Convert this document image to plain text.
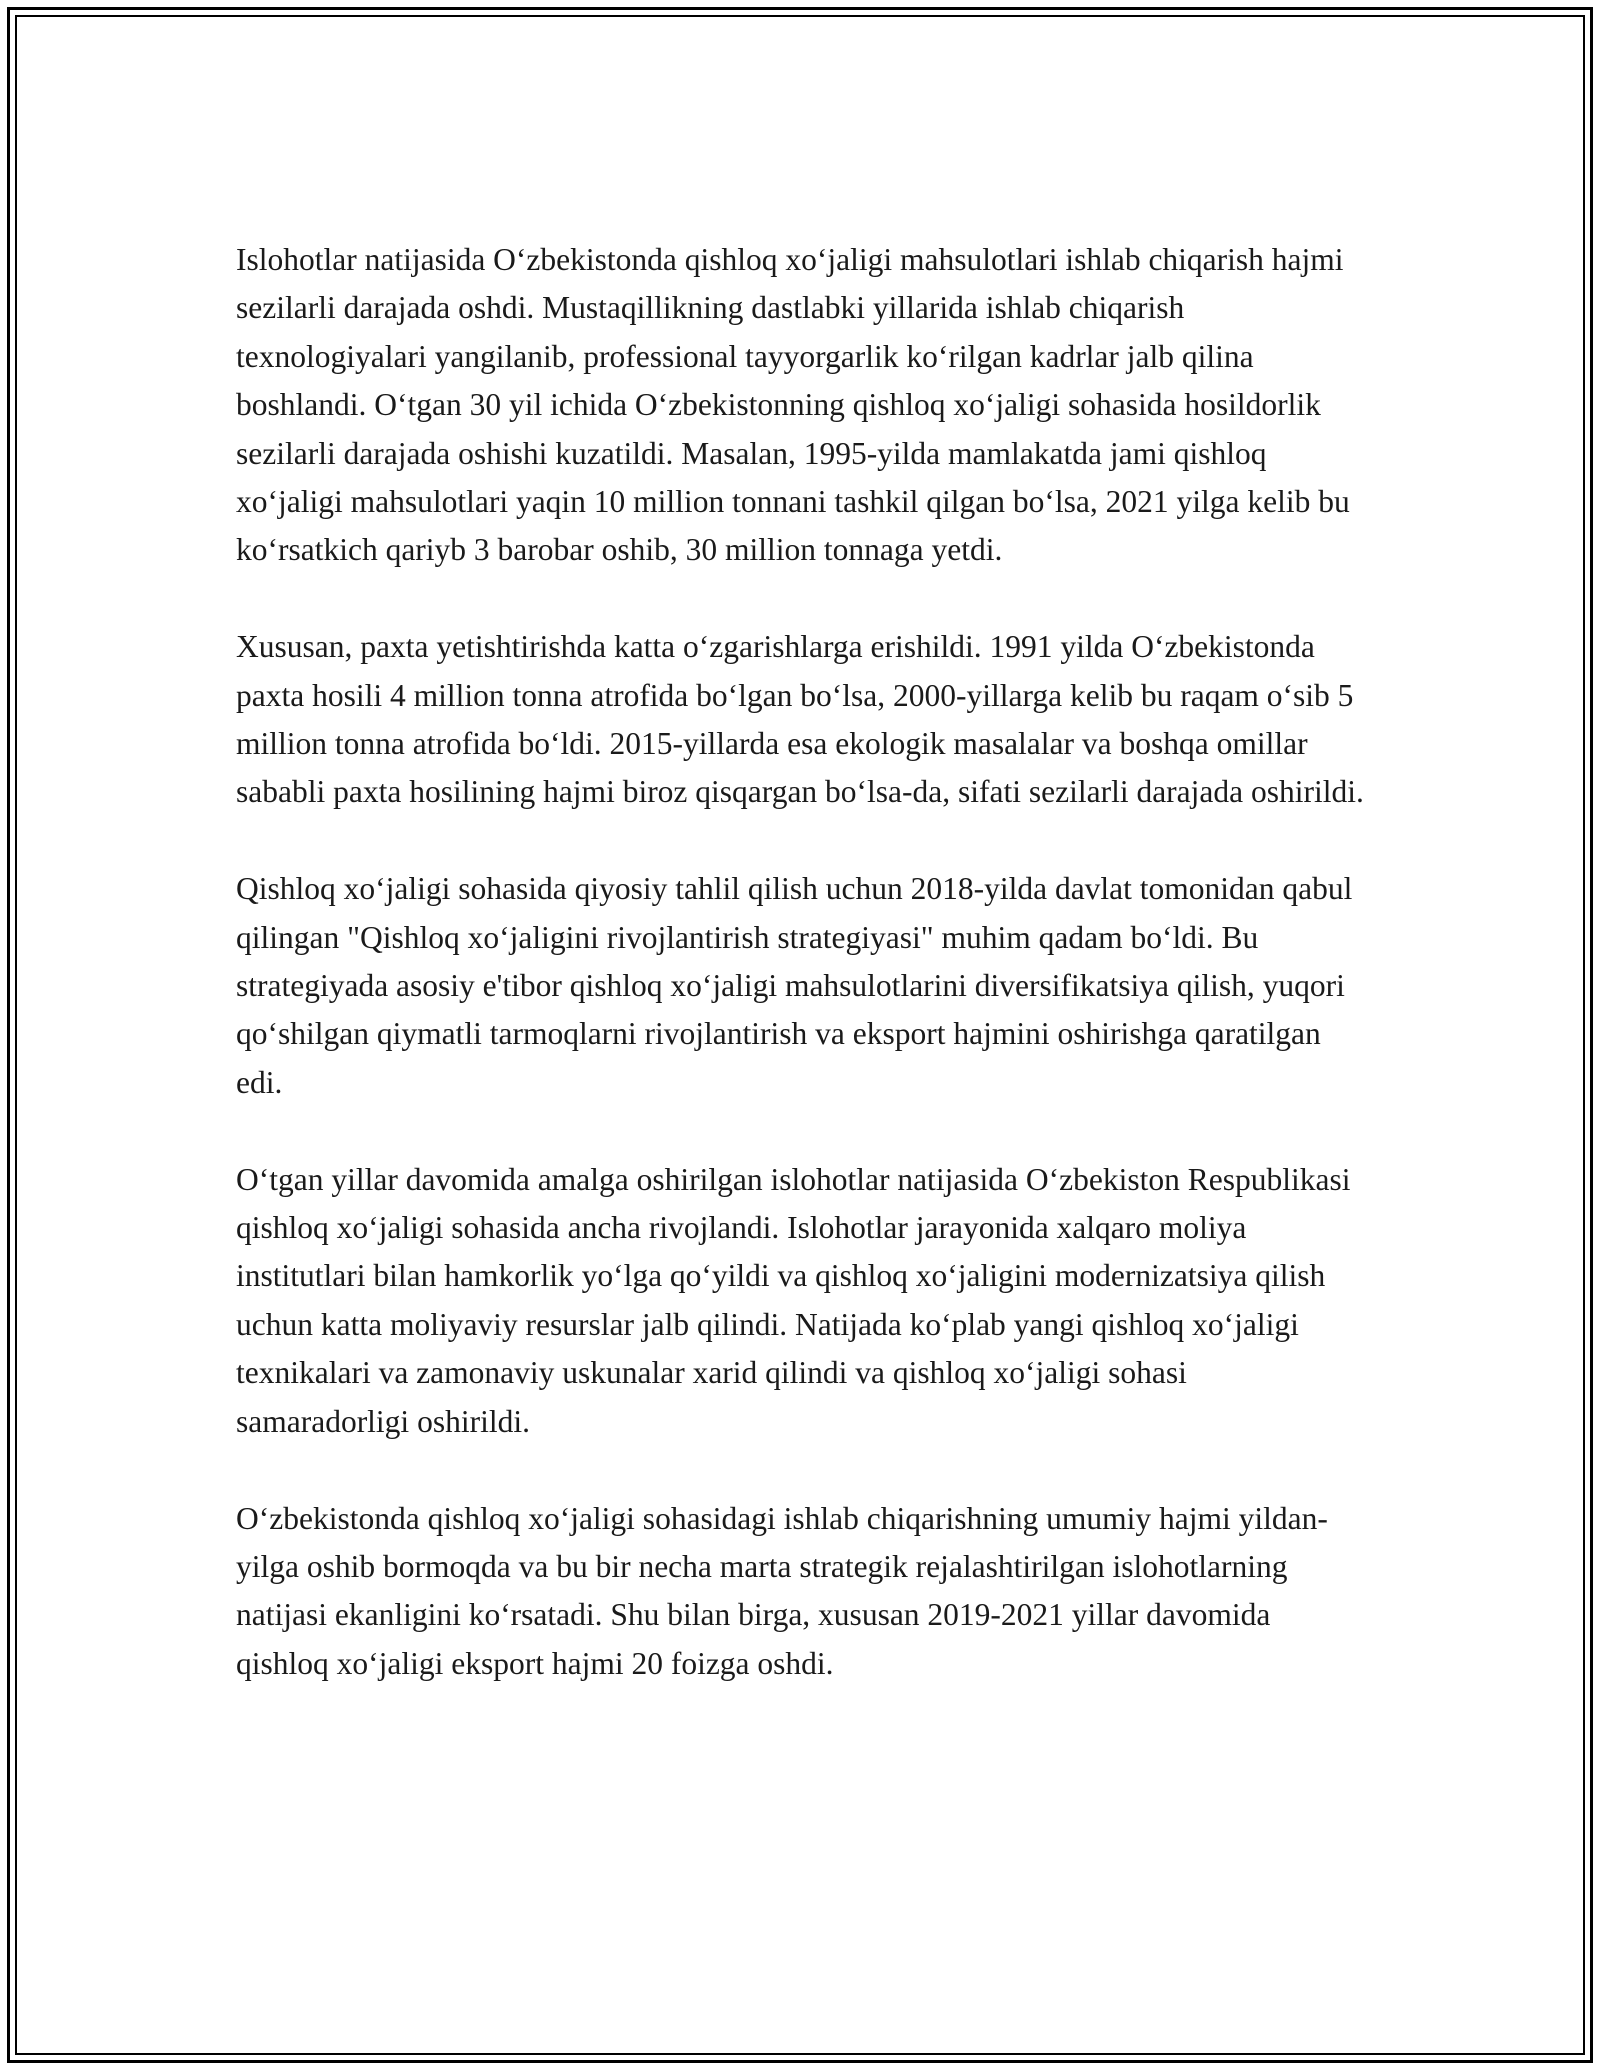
Islohotlar natijasida O‘zbekistonda qishloq xo‘jaligi mahsulotlari ishlab chiqarish hajmi sezilarli darajada oshdi. Mustaqillikning dastlabki yillarida ishlab chiqarish texnologiyalari yangilanib, professional tayyorgarlik ko‘rilgan kadrlar jalb qilina boshlandi. O‘tgan 30 yil ichida O‘zbekistonning qishloq xo‘jaligi sohasida hosildorlik sezilarli darajada oshishi kuzatildi. Masalan, 1995-yilda mamlakatda jami qishloq xo‘jaligi mahsulotlari yaqin 10 million tonnani tashkil qilgan bo‘lsa, 2021 yilga kelib bu ko‘rsatkich qariyb 3 barobar oshib, 30 million tonnaga yetdi.

Xususan, paxta yetishtirishda katta o‘zgarishlarga erishildi. 1991 yilda O‘zbekistonda paxta hosili 4 million tonna atrofida bo‘lgan bo‘lsa, 2000-yillarga kelib bu raqam o‘sib 5 million tonna atrofida bo‘ldi. 2015-yillarda esa ekologik masalalar va boshqa omillar sababli paxta hosilining hajmi biroz qisqargan bo‘lsa-da, sifati sezilarli darajada oshirildi.

Qishloq xo‘jaligi sohasida qiyosiy tahlil qilish uchun 2018-yilda davlat tomonidan qabul qilingan "Qishloq xo‘jaligini rivojlantirish strategiyasi" muhim qadam bo‘ldi. Bu strategiyada asosiy e'tibor qishloq xo‘jaligi mahsulotlarini diversifikatsiya qilish, yuqori qo‘shilgan qiymatli tarmoqlarni rivojlantirish va eksport hajmini oshirishga qaratilgan edi.

O‘tgan yillar davomida amalga oshirilgan islohotlar natijasida O‘zbekiston Respublikasi qishloq xo‘jaligi sohasida ancha rivojlandi. Islohotlar jarayonida xalqaro moliya institutlari bilan hamkorlik yo‘lga qo‘yildi va qishloq xo‘jaligini modernizatsiya qilish uchun katta moliyaviy resurslar jalb qilindi. Natijada ko‘plab yangi qishloq xo‘jaligi texnikalari va zamonaviy uskunalar xarid qilindi va qishloq xo‘jaligi sohasi samaradorligi oshirildi.

O‘zbekistonda qishloq xo‘jaligi sohasidagi ishlab chiqarishning umumiy hajmi yildan-yilga oshib bormoqda va bu bir necha marta strategik rejalashtirilgan islohotlarning natijasi ekanligini ko‘rsatadi. Shu bilan birga, xususan 2019-2021 yillar davomida qishloq xo‘jaligi eksport hajmi 20 foizga oshdi.
